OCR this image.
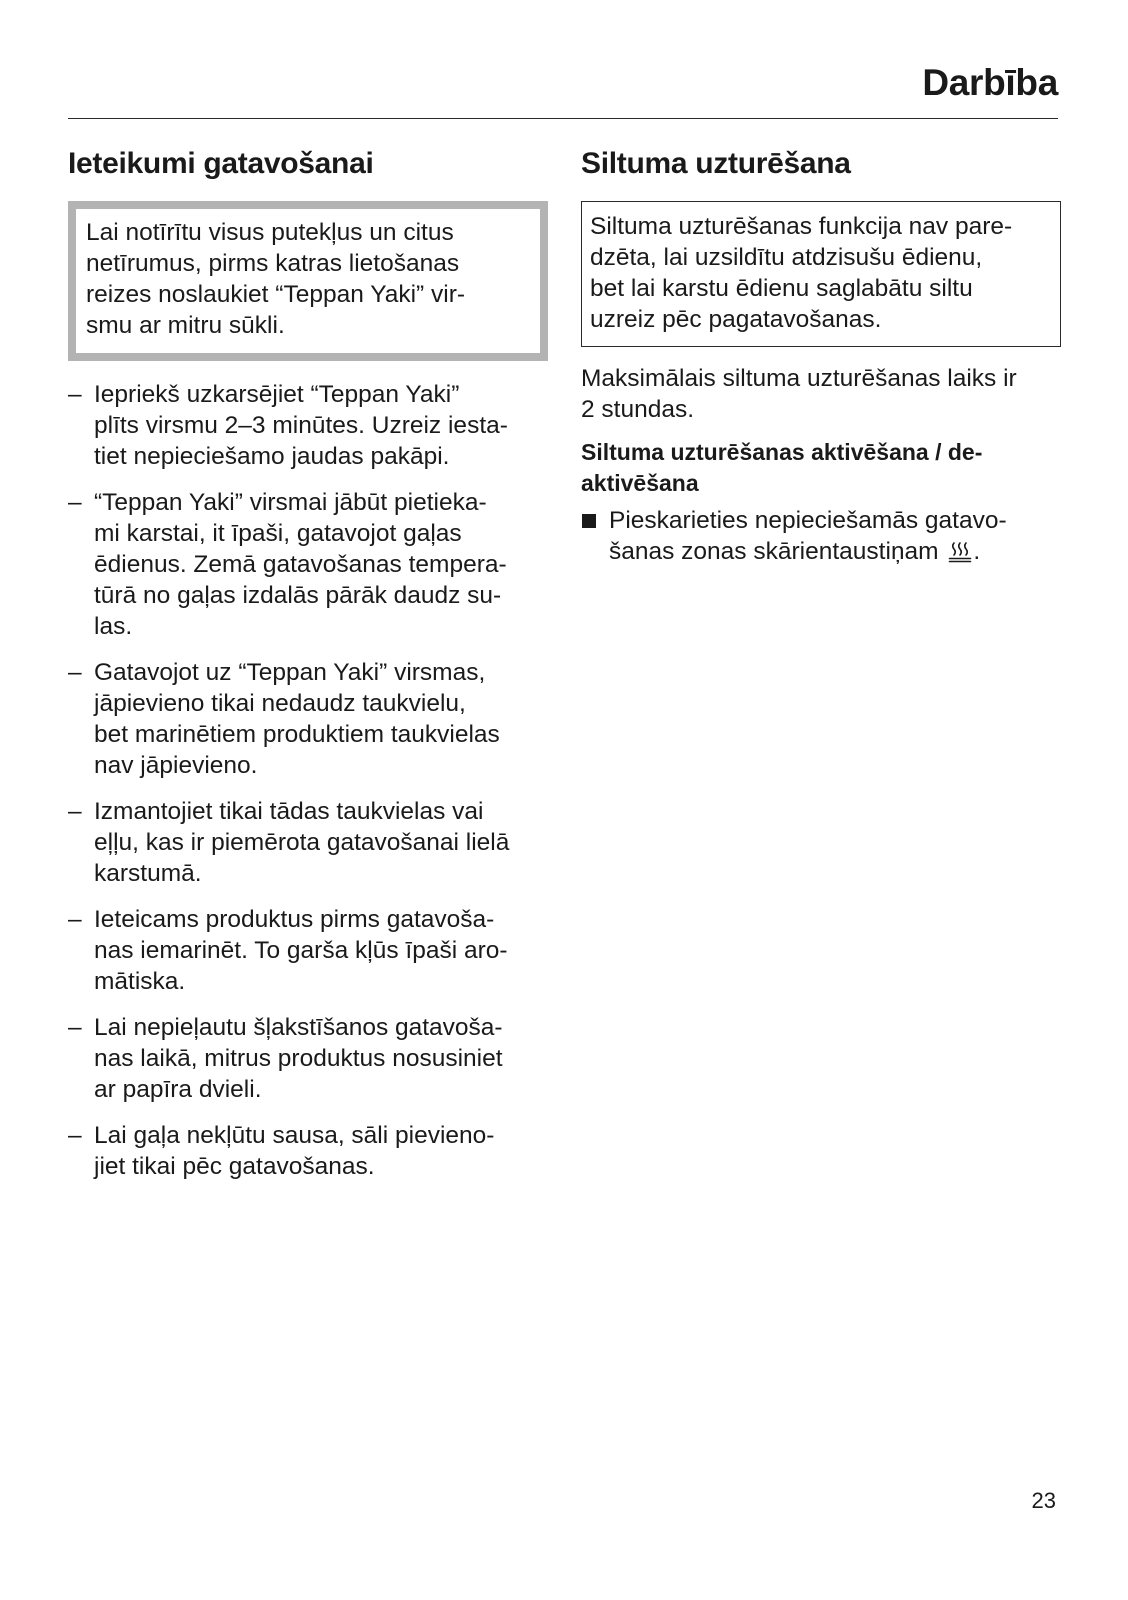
Darbība
Ieteikumi gatavošanai
Lai notīrītu visus putekļus un citus
netīrumus, pirms katras lietošanas
reizes noslaukiet “Teppan Yaki” vir-
smu ar mitru sūkli.
– Iepriekš uzkarsējiet “Teppan Yaki”
plīts virsmu 2–3 minūtes. Uzreiz iesta-
tiet nepieciešamo jaudas pakāpi.
– “Teppan Yaki” virsmai jābūt pietieka-
mi karstai, it īpaši, gatavojot gaļas
ēdienus. Zemā gatavošanas tempera-
tūrā no gaļas izdalās pārāk daudz su-
las.
– Gatavojot uz “Teppan Yaki” virsmas,
jāpievieno tikai nedaudz taukvielu,
bet marinētiem produktiem taukvielas
nav jāpievieno.
– Izmantojiet tikai tādas taukvielas vai
eļļu, kas ir piemērota gatavošanai lielā
karstumā.
– Ieteicams produktus pirms gatavoša-
nas iemarinēt. To garša kļūs īpaši aro-
mātiska.
– Lai nepieļautu šļakstīšanos gatavoša-
nas laikā, mitrus produktus nosusiniet
ar papīra dvieli.
– Lai gaļa nekļūtu sausa, sāli pievieno-
jiet tikai pēc gatavošanas.
Siltuma uzturēšana
Siltuma uzturēšanas funkcija nav pare-
dzēta, lai uzsildītu atdzisušu ēdienu,
bet lai karstu ēdienu saglabātu siltu
uzreiz pēc pagatavošanas.

Maksimālais siltuma uzturēšanas laiks ir
2 stundas.

Siltuma uzturēšanas aktivēšana / de-
aktivēšana
Pieskarieties nepieciešamās gatavo-
šanas zonas skārientaustiņam .
23
